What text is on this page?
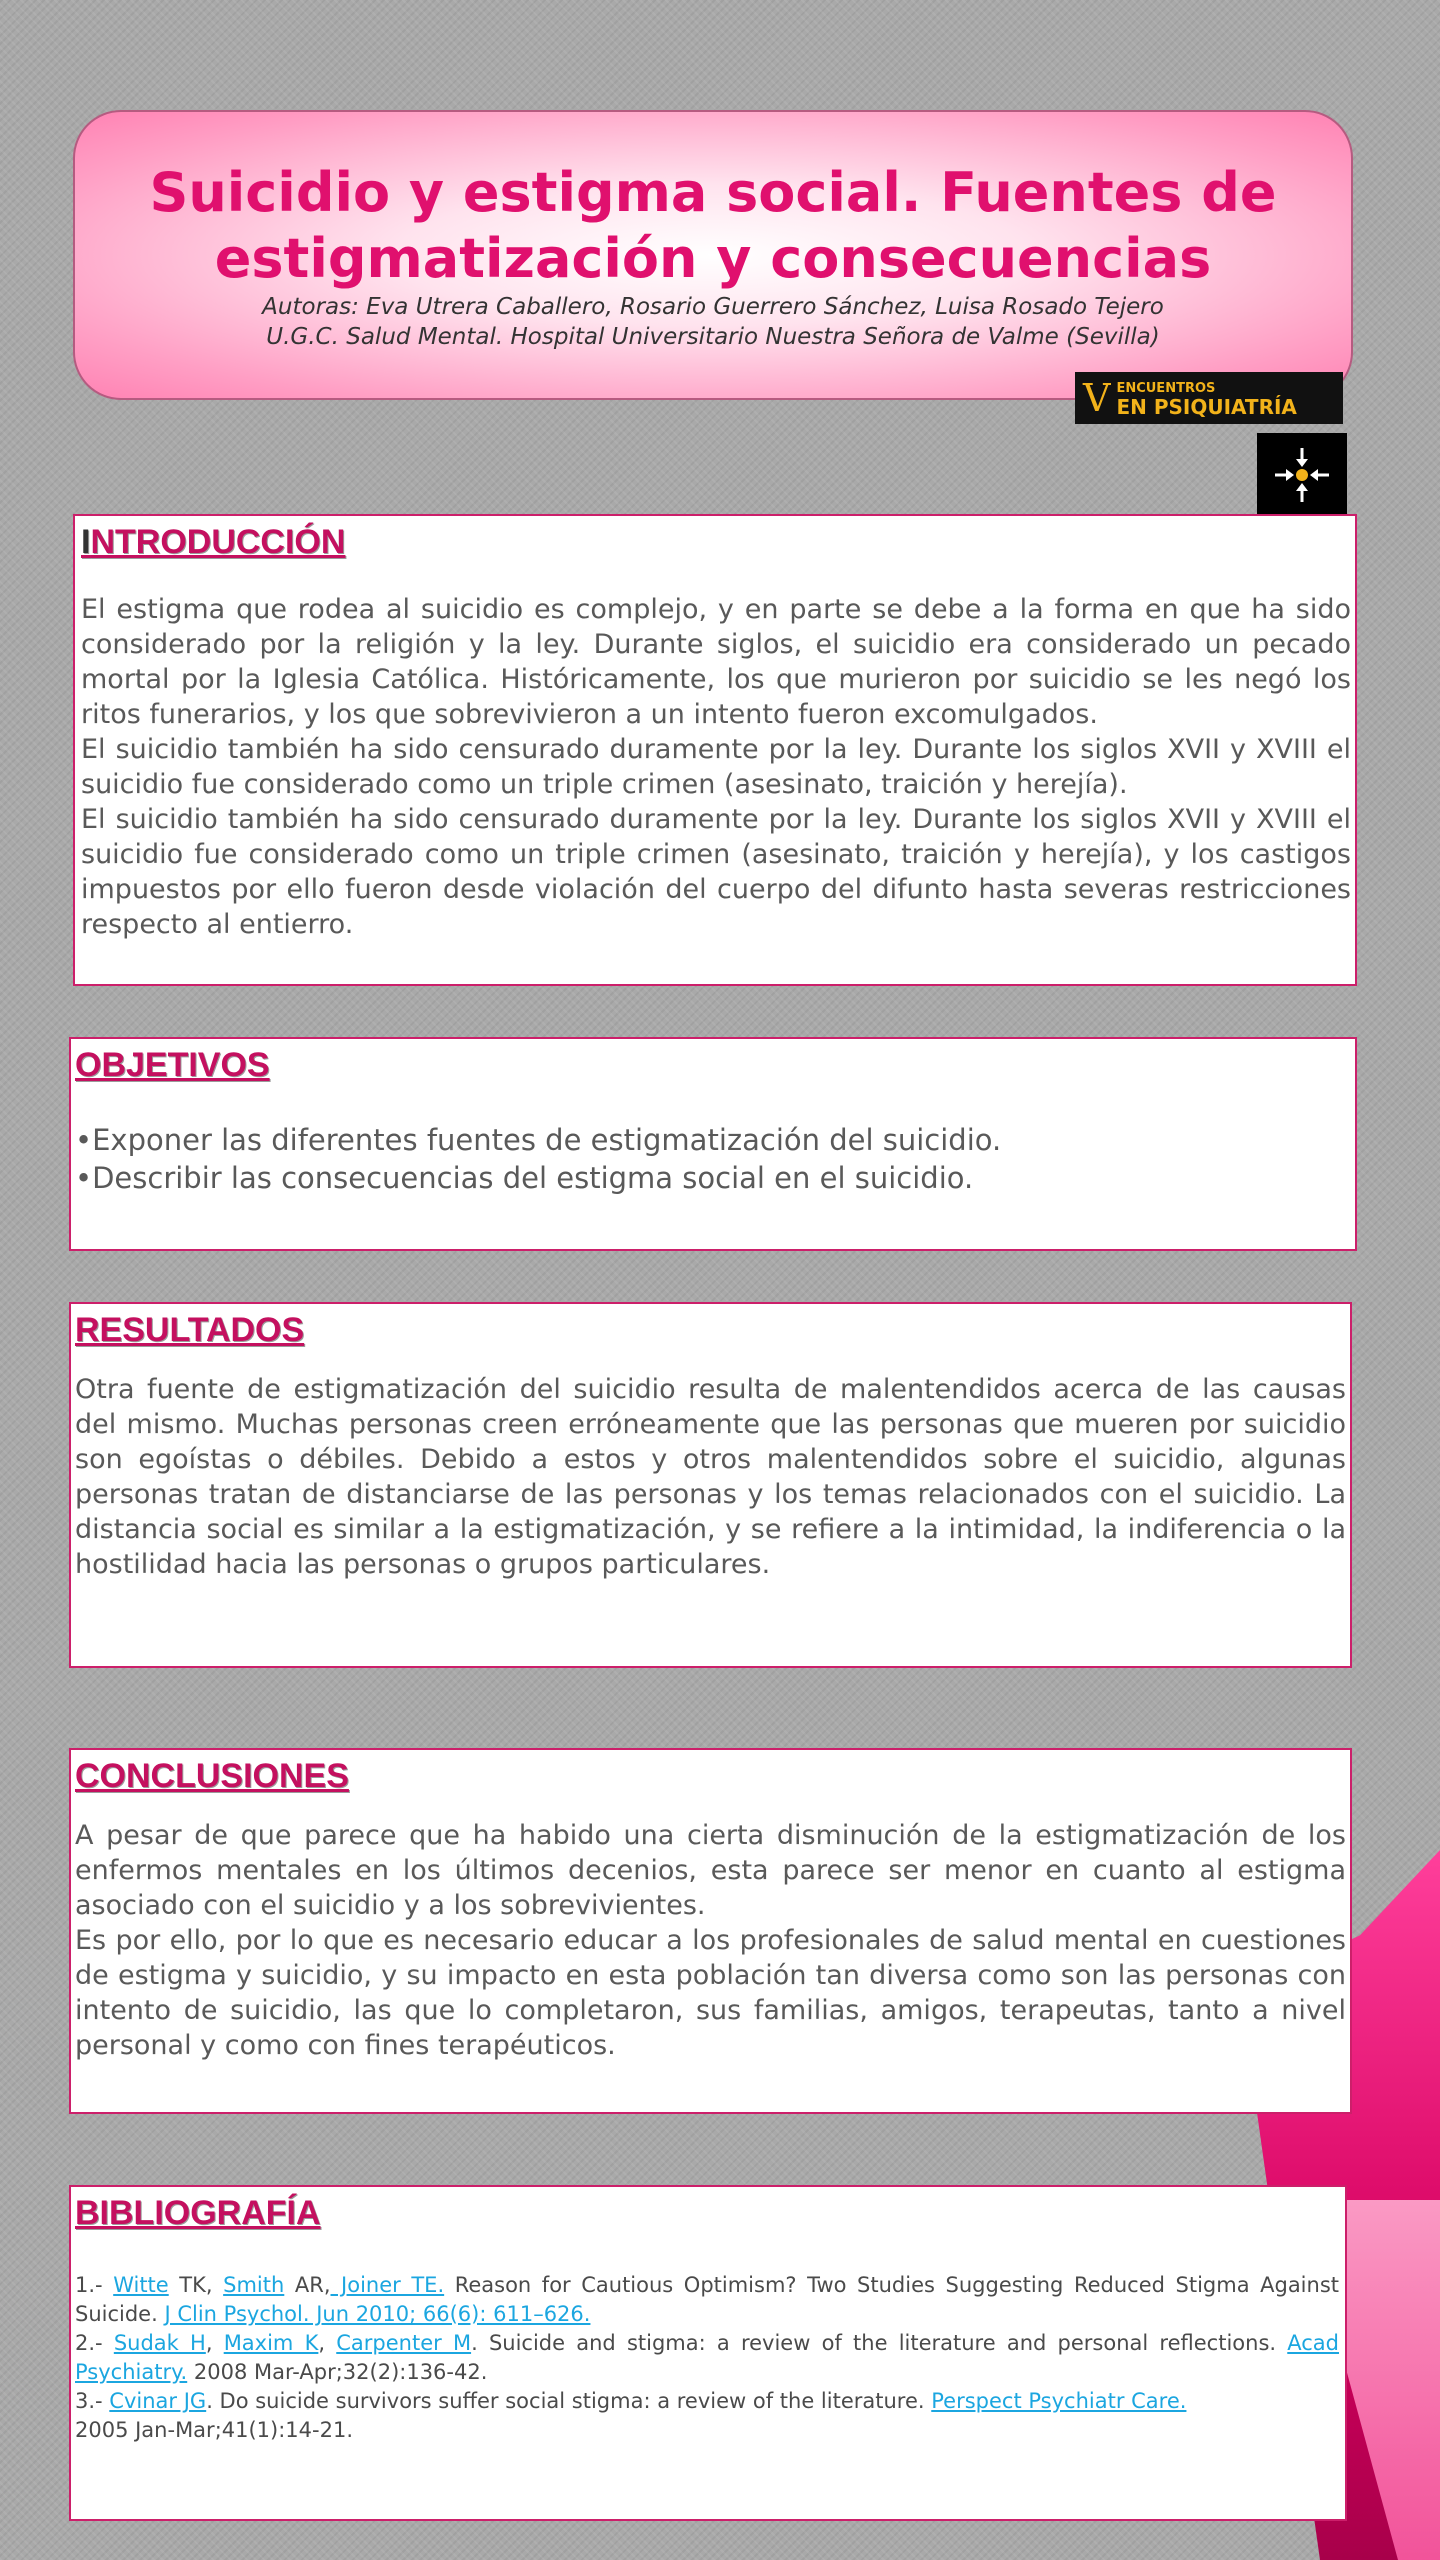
Suicidio y estigma social. Fuentes de
estigmatización y consecuencias
Autoras: Eva Utrera Caballero, Rosario Guerrero Sánchez, Luisa Rosado Tejero
U.G.C. Salud Mental. Hospital Universitario Nuestra Señora de Valme (Sevilla)
V ENCUENTROS
EN PSIQUIATRÍA
INTRODUCCIÓN

El estigma que rodea al suicidio es complejo, y en parte se debe a la forma en que ha sido considerado por la religión y la ley. Durante siglos, el suicidio era considerado un pecado mortal por la Iglesia Católica. Históricamente, los que murieron por suicidio se les negó los ritos funerarios, y los que sobrevivieron a un intento fueron excomulgados.

El suicidio también ha sido censurado duramente por la ley. Durante los siglos XVII y XVIII el suicidio fue considerado como un triple crimen (asesinato, traición y herejía).

El suicidio también ha sido censurado duramente por la ley. Durante los siglos XVII y XVIII el suicidio fue considerado como un triple crimen (asesinato, traición y herejía), y los castigos impuestos por ello fueron desde violación del cuerpo del difunto hasta severas restricciones respecto al entierro.

OBJETIVOS
•Exponer las diferentes fuentes de estigmatización del suicidio.
•Describir las consecuencias del estigma social en el suicidio.
RESULTADOS

Otra fuente de estigmatización del suicidio resulta de malentendidos acerca de las causas del mismo. Muchas personas creen erróneamente que las personas que mueren por suicidio son egoístas o débiles. Debido a estos y otros malentendidos sobre el suicidio, algunas personas tratan de distanciarse de las personas y los temas relacionados con el suicidio. La distancia social es similar a la estigmatización, y se refiere a la intimidad, la indiferencia o la hostilidad hacia las personas o grupos particulares.

CONCLUSIONES

A pesar de que parece que ha habido una cierta disminución de la estigmatización de los enfermos mentales en los últimos decenios, esta parece ser menor en cuanto al estigma asociado con el suicidio y a los sobrevivientes.

Es por ello, por lo que es necesario educar a los profesionales de salud mental en cuestiones de estigma y suicidio, y su impacto en esta población tan diversa como son las personas con intento de suicidio, las que lo completaron, sus familias, amigos, terapeutas, tanto a nivel personal y como con fines terapéuticos.

BIBLIOGRAFÍA

1.- Witte TK, Smith AR, Joiner TE. Reason for Cautious Optimism? Two Studies Suggesting Reduced Stigma Against Suicide. J Clin Psychol. Jun 2010; 66(6): 611–626.

2.- Sudak H, Maxim K, Carpenter M. Suicide and stigma: a review of the literature and personal reflections. Acad Psychiatry. 2008 Mar-Apr;32(2):136-42.

3.- Cvinar JG. Do suicide survivors suffer social stigma: a review of the literature. Perspect Psychiatr Care.
2005 Jan-Mar;41(1):14-21.
